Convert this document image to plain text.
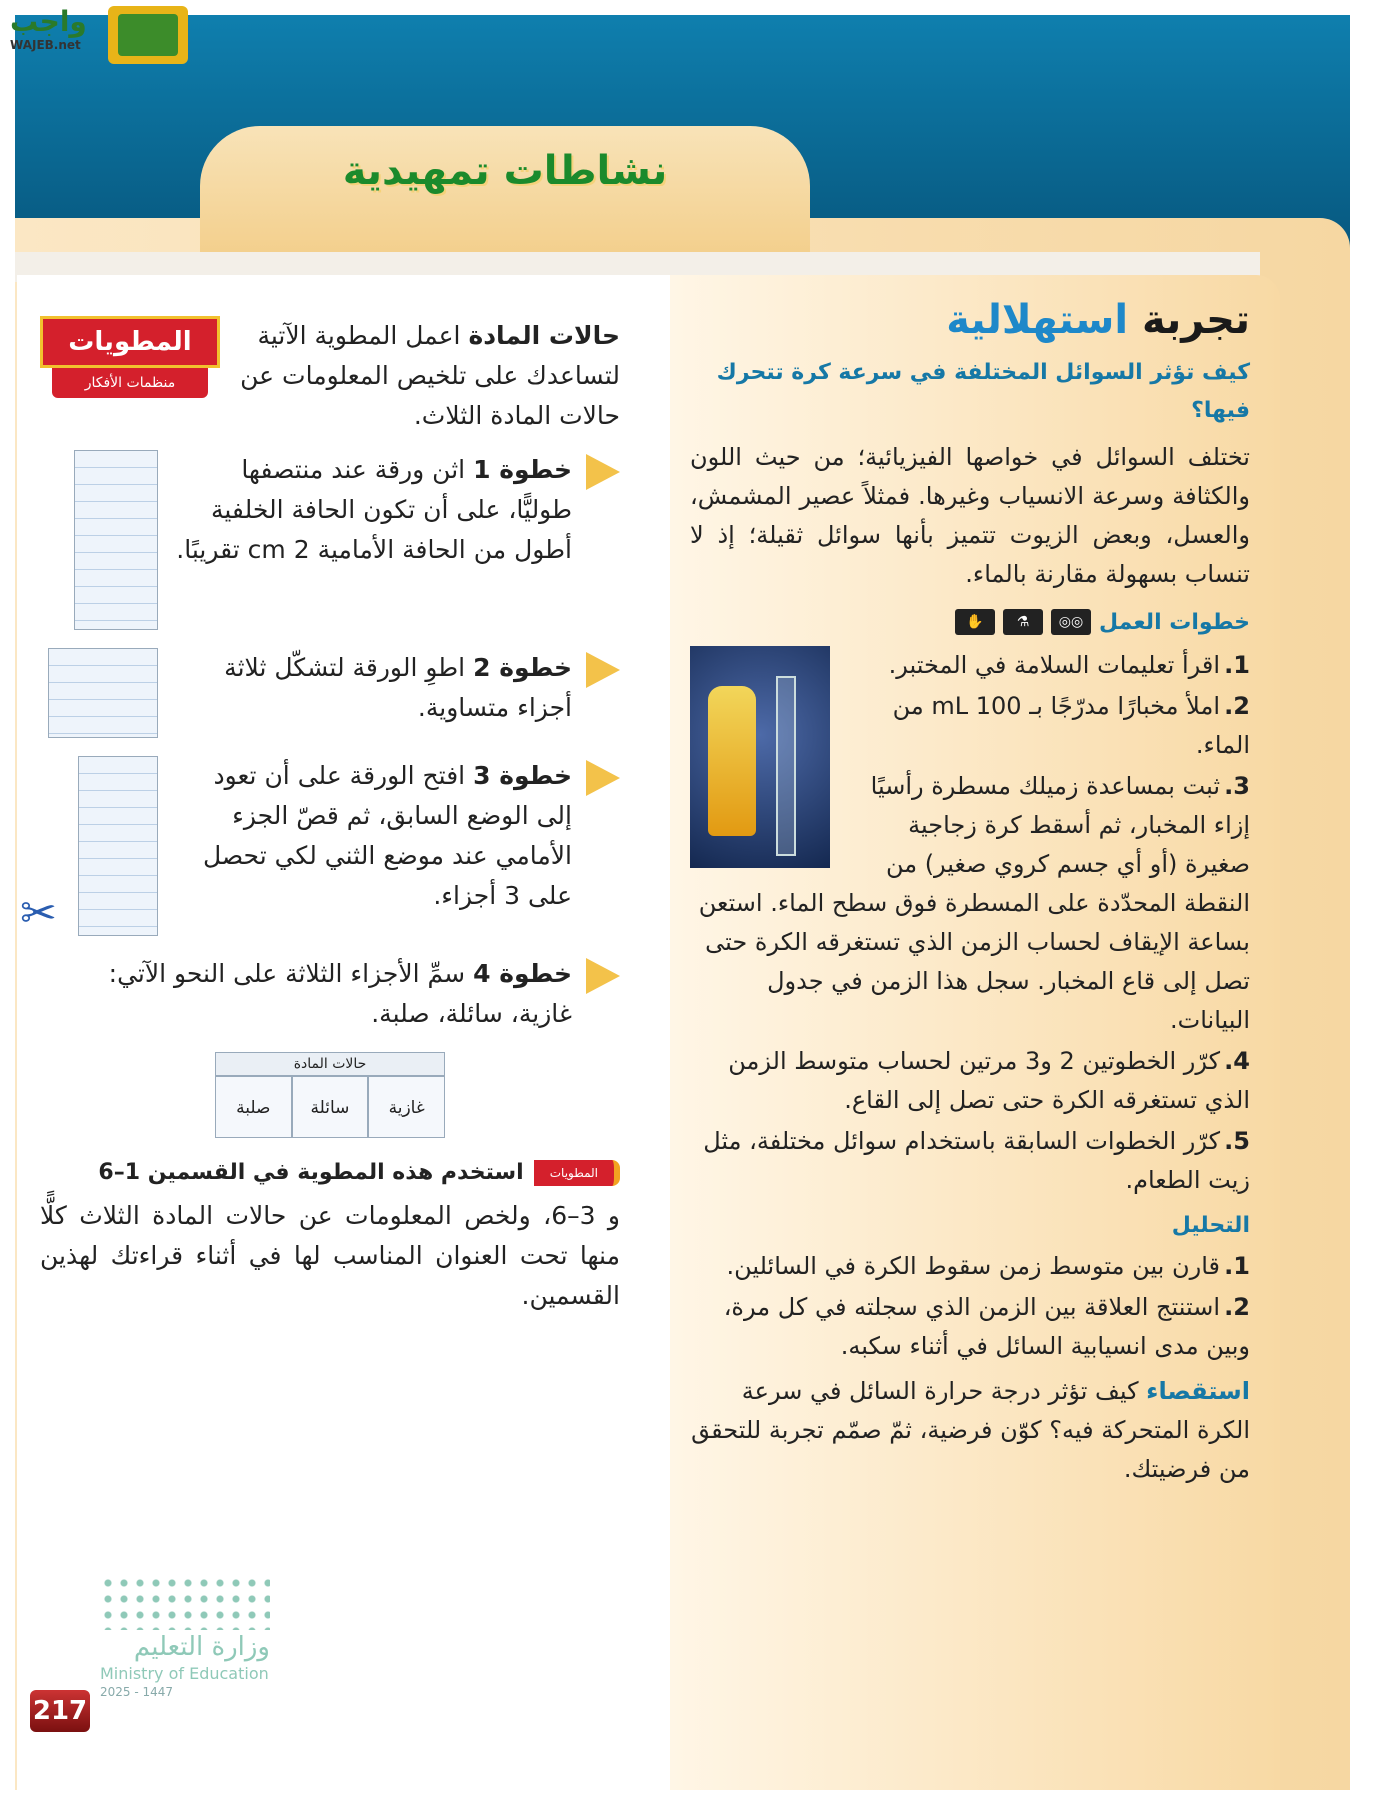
واجب
WAJEB.net
نشاطات تمهيدية
تجربة استهلالية
كيف تؤثر السوائل المختلفة في سرعة كرة تتحرك فيها؟
تختلف السوائل في خواصها الفيزيائية؛ من حيث اللون والكثافة وسرعة الانسياب وغيرها. فمثلاً عصير المشمش، والعسل، وبعض الزيوت تتميز بأنها سوائل ثقيلة؛ إذ لا تنساب بسهولة مقارنة بالماء.
خطوات العمل
◎◎
⚗
✋
1.اقرأ تعليمات السلامة في المختبر.
2.املأ مخبارًا مدرّجًا بـ 100 mL من الماء.
3.ثبت بمساعدة زميلك مسطرة رأسيًا إزاء المخبار، ثم أسقط كرة زجاجية صغيرة (أو أي جسم كروي صغير) من النقطة المحدّدة على المسطرة فوق سطح الماء. استعن بساعة الإيقاف لحساب الزمن الذي تستغرقه الكرة حتى تصل إلى قاع المخبار. سجل هذا الزمن في جدول البيانات.
4.كرّر الخطوتين 2 و3 مرتين لحساب متوسط الزمن الذي تستغرقه الكرة حتى تصل إلى القاع.
5.كرّر الخطوات السابقة باستخدام سوائل مختلفة، مثل زيت الطعام.
التحليل
1.قارن بين متوسط زمن سقوط الكرة في السائلين.
2.استنتج العلاقة بين الزمن الذي سجلته في كل مرة، وبين مدى انسيابية السائل في أثناء سكبه.
استقصاء كيف تؤثر درجة حرارة السائل في سرعة الكرة المتحركة فيه؟ كوّن فرضية، ثمّ صمّم تجربة للتحقق من فرضيتك.
حالات المادة اعمل المطوية الآتية لتساعدك على تلخيص المعلومات عن حالات المادة الثلاث.
المطويات
منظمات الأفكار
خطوة 1 اثن ورقة عند منتصفها طوليًّا، على أن تكون الحافة الخلفية أطول من الحافة الأمامية 2 cm تقريبًا.
خطوة 2 اطوِ الورقة لتشكّل ثلاثة أجزاء متساوية.
خطوة 3 افتح الورقة على أن تعود إلى الوضع السابق، ثم قصّ الجزء الأمامي عند موضع الثني لكي تحصل على 3 أجزاء.
✂
خطوة 4 سمِّ الأجزاء الثلاثة على النحو الآتي: غازية، سائلة، صلبة.
حالات المادة
غازية
سائلة
صلبة
المطويات
استخدم هذه المطوية في القسمين 1–6
و 3–6، ولخص المعلومات عن حالات المادة الثلاث كلًّا منها تحت العنوان المناسب لها في أثناء قراءتك لهذين القسمين.
وزارة التعليم
Ministry of Education
2025 - 1447
217
